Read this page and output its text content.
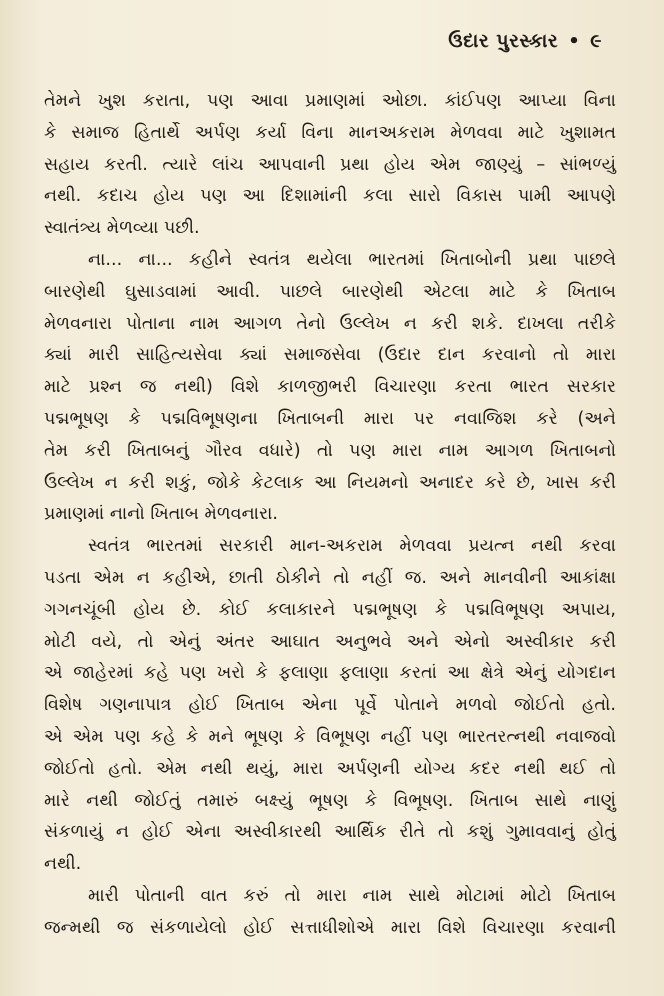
ઉદાર પુરસ્કાર • ૯
તેમને ખુશ કરાતા, પણ આવા પ્રમાણમાં ઓછા. કાંઈપણ આપ્યા વિના
કે સમાજ હિતાર્થે અર્પણ કર્યા વિના માનઅકરામ મેળવવા માટે ખુશામત
સહાય કરતી. ત્યારે લાંચ આપવાની પ્રથા હોય એમ જાણ્યું – સાંભળ્યું
નથી. કદાચ હોય પણ આ દિશામાંની કલા સારો વિકાસ પામી આપણે
સ્વાતંત્ર્ય મેળવ્યા પછી.
ના... ના... કહીને સ્વતંત્ર થયેલા ભારતમાં ખિતાબોની પ્રથા પાછલે
બારણેથી ઘુસાડવામાં આવી. પાછલે બારણેથી એટલા માટે કે ખિતાબ
મેળવનારા પોતાના નામ આગળ તેનો ઉલ્લેખ ન કરી શકે. દાખલા તરીકે
ક્યાં મારી સાહિત્યસેવા ક્યાં સમાજસેવા (ઉદાર દાન કરવાનો તો મારા
માટે પ્રશ્ન જ નથી) વિશે કાળજીભરી વિચારણા કરતા ભારત સરકાર
પદ્મભૂષણ કે પદ્મવિભૂષણના ખિતાબની મારા પર નવાજિશ કરે (અને
તેમ કરી ખિતાબનું ગૌરવ વધારે) તો પણ મારા નામ આગળ ખિતાબનો
ઉલ્લેખ ન કરી શકું, જોકે કેટલાક આ નિયમનો અનાદર કરે છે, ખાસ કરી
પ્રમાણમાં નાનો ખિતાબ મેળવનારા.
સ્વતંત્ર ભારતમાં સરકારી માન-અકરામ મેળવવા પ્રયત્ન નથી કરવા
પડતા એમ ન કહીએ, છાતી ઠોકીને તો નહીં જ. અને માનવીની આકાંક્ષા
ગગનચૂંબી હોય છે. કોઈ કલાકારને પદ્મભૂષણ કે પદ્મવિભૂષણ અપાય,
મોટી વયે, તો એનું અંતર આઘાત અનુભવે અને એનો અસ્વીકાર કરી
એ જાહેરમાં કહે પણ ખરો કે ફલાણા ફલાણા કરતાં આ ક્ષેત્રે એનું યોગદાન
વિશેષ ગણનાપાત્ર હોઈ ખિતાબ એના પૂર્વે પોતાને મળવો જોઈતો હતો.
એ એમ પણ કહે કે મને ભૂષણ કે વિભૂષણ નહીં પણ ભારતરત્નથી નવાજવો
જોઈતો હતો. એમ નથી થયું, મારા અર્પણની યોગ્ય કદર નથી થઈ તો
મારે નથી જોઈતું તમારું બક્ષ્યું ભૂષણ કે વિભૂષણ. ખિતાબ સાથે નાણું
સંકળાયું ન હોઈ એના અસ્વીકારથી આર્થિક રીતે તો કશું ગુમાવવાનું હોતું
નથી.
મારી પોતાની વાત કરું તો મારા નામ સાથે મોટામાં મોટો ખિતાબ
જન્મથી જ સંકળાયેલો હોઈ સત્તાધીશોએ મારા વિશે વિચારણા કરવાની
